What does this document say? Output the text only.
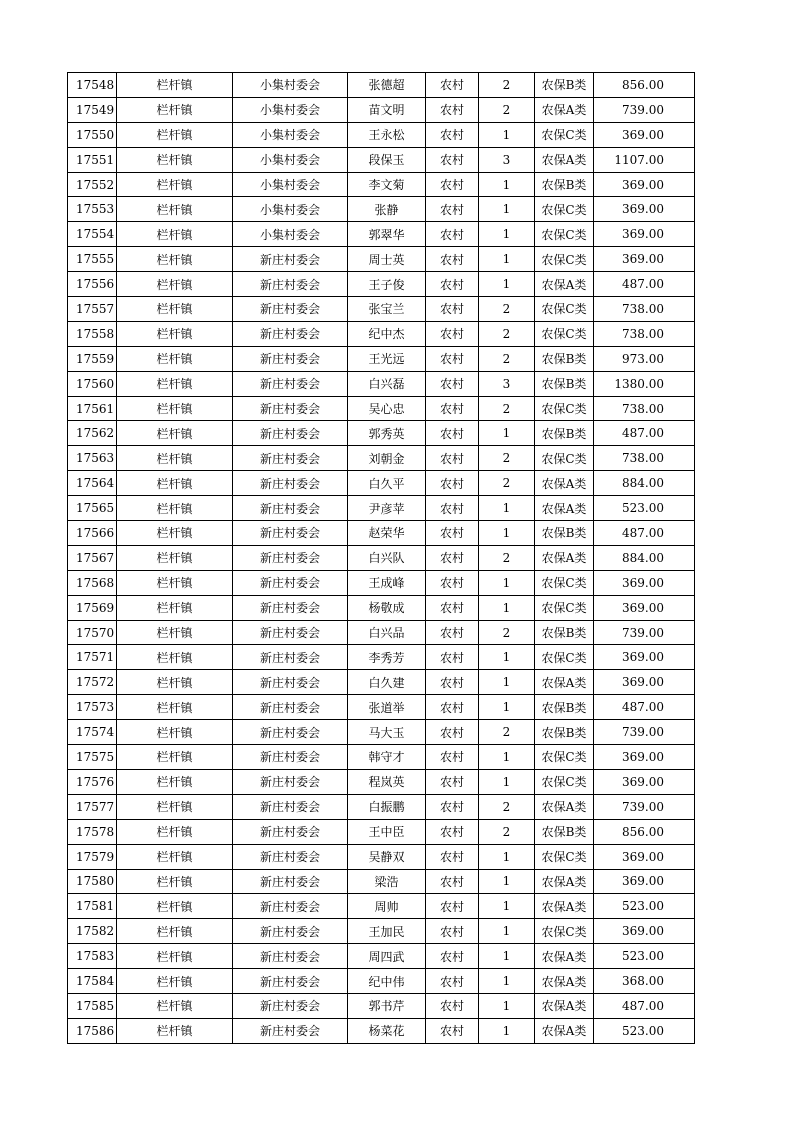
17548	栏杆镇	小集村委会	张德超	农村	2	农保B类	856.00
17549	栏杆镇	小集村委会	苗文明	农村	2	农保A类	739.00
17550	栏杆镇	小集村委会	王永松	农村	1	农保C类	369.00
17551	栏杆镇	小集村委会	段保玉	农村	3	农保A类	1107.00
17552	栏杆镇	小集村委会	李文菊	农村	1	农保B类	369.00
17553	栏杆镇	小集村委会	张静	农村	1	农保C类	369.00
17554	栏杆镇	小集村委会	郭翠华	农村	1	农保C类	369.00
17555	栏杆镇	新庄村委会	周士英	农村	1	农保C类	369.00
17556	栏杆镇	新庄村委会	王子俊	农村	1	农保A类	487.00
17557	栏杆镇	新庄村委会	张宝兰	农村	2	农保C类	738.00
17558	栏杆镇	新庄村委会	纪中杰	农村	2	农保C类	738.00
17559	栏杆镇	新庄村委会	王光远	农村	2	农保B类	973.00
17560	栏杆镇	新庄村委会	白兴磊	农村	3	农保B类	1380.00
17561	栏杆镇	新庄村委会	吴心忠	农村	2	农保C类	738.00
17562	栏杆镇	新庄村委会	郭秀英	农村	1	农保B类	487.00
17563	栏杆镇	新庄村委会	刘朝金	农村	2	农保C类	738.00
17564	栏杆镇	新庄村委会	白久平	农村	2	农保A类	884.00
17565	栏杆镇	新庄村委会	尹彦苹	农村	1	农保A类	523.00
17566	栏杆镇	新庄村委会	赵荣华	农村	1	农保B类	487.00
17567	栏杆镇	新庄村委会	白兴队	农村	2	农保A类	884.00
17568	栏杆镇	新庄村委会	王成峰	农村	1	农保C类	369.00
17569	栏杆镇	新庄村委会	杨敬成	农村	1	农保C类	369.00
17570	栏杆镇	新庄村委会	白兴品	农村	2	农保B类	739.00
17571	栏杆镇	新庄村委会	李秀芳	农村	1	农保C类	369.00
17572	栏杆镇	新庄村委会	白久建	农村	1	农保A类	369.00
17573	栏杆镇	新庄村委会	张道举	农村	1	农保B类	487.00
17574	栏杆镇	新庄村委会	马大玉	农村	2	农保B类	739.00
17575	栏杆镇	新庄村委会	韩守才	农村	1	农保C类	369.00
17576	栏杆镇	新庄村委会	程岚英	农村	1	农保C类	369.00
17577	栏杆镇	新庄村委会	白振鹏	农村	2	农保A类	739.00
17578	栏杆镇	新庄村委会	王中臣	农村	2	农保B类	856.00
17579	栏杆镇	新庄村委会	吴静双	农村	1	农保C类	369.00
17580	栏杆镇	新庄村委会	梁浩	农村	1	农保A类	369.00
17581	栏杆镇	新庄村委会	周帅	农村	1	农保A类	523.00
17582	栏杆镇	新庄村委会	王加民	农村	1	农保C类	369.00
17583	栏杆镇	新庄村委会	周四武	农村	1	农保A类	523.00
17584	栏杆镇	新庄村委会	纪中伟	农村	1	农保A类	368.00
17585	栏杆镇	新庄村委会	郭书芹	农村	1	农保A类	487.00
17586	栏杆镇	新庄村委会	杨菜花	农村	1	农保A类	523.00
